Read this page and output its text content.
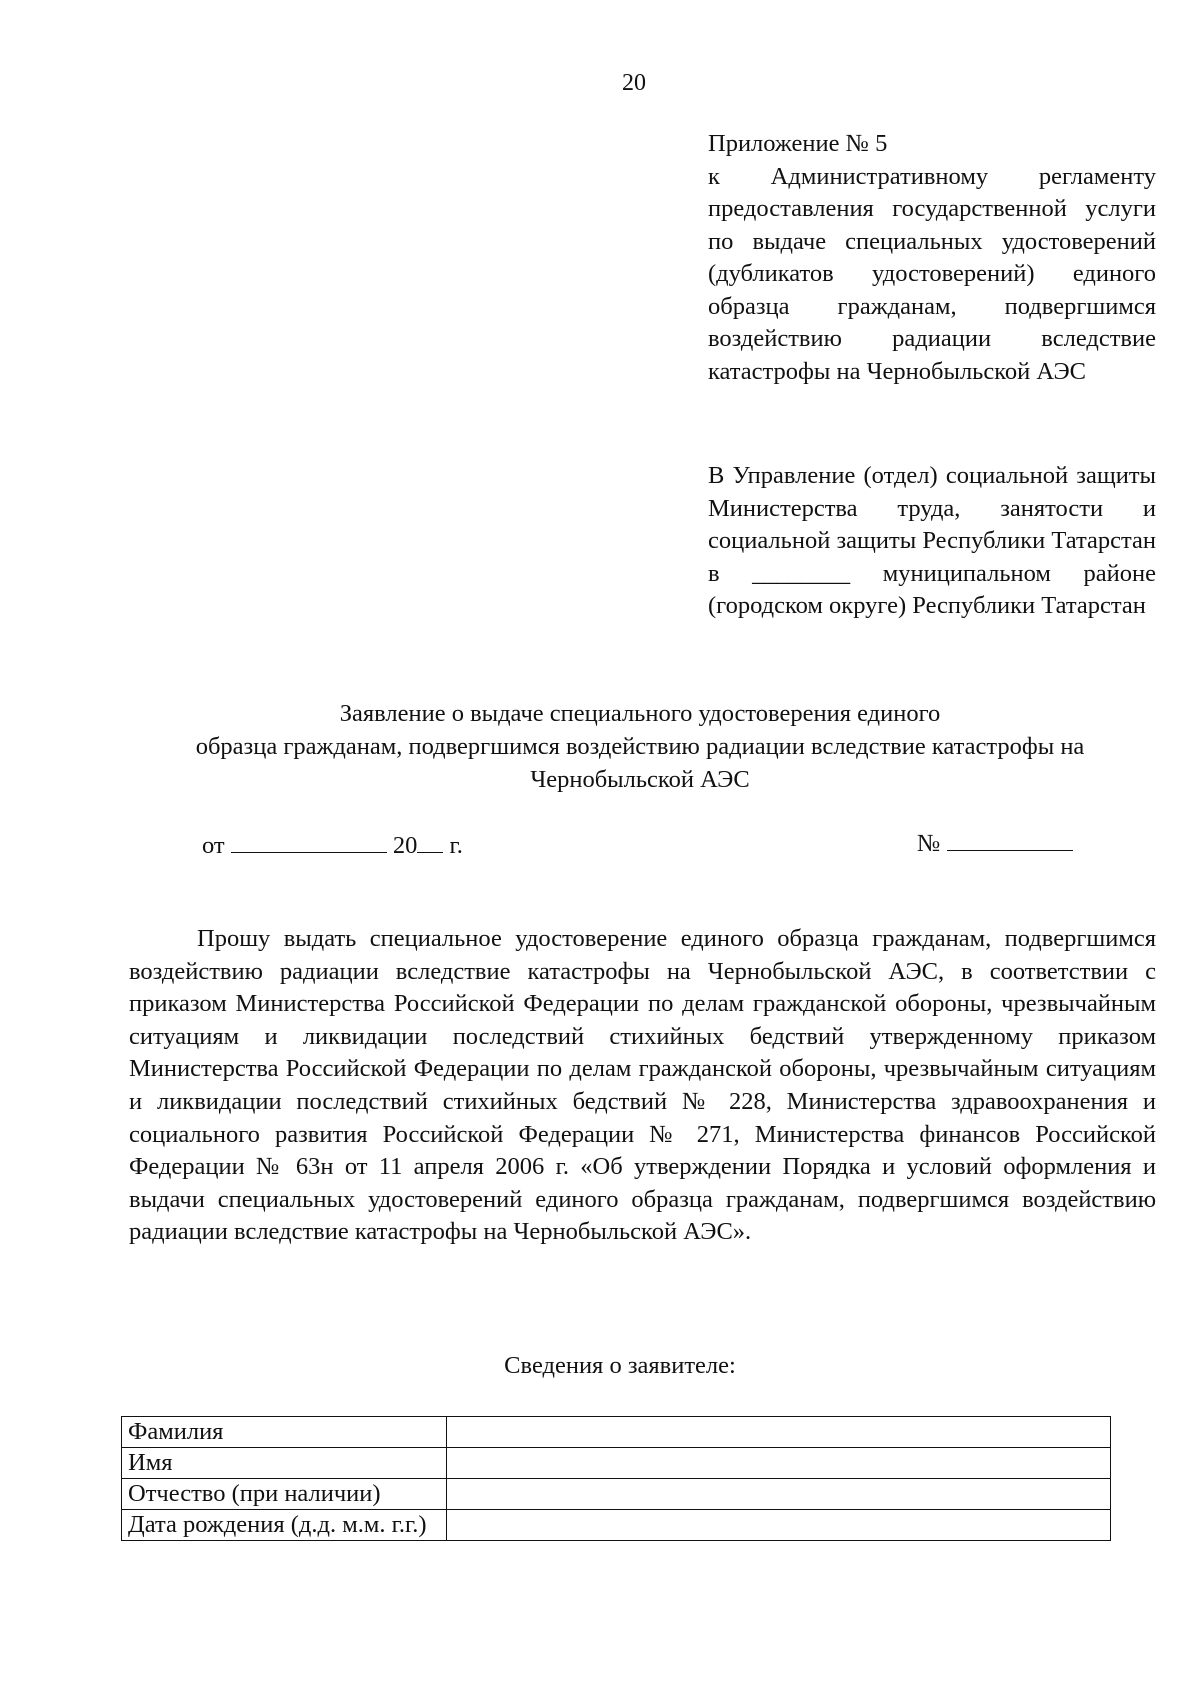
20

Приложение № 5

к Административному регламенту предоставления государственной услуги по выдаче специальных удостоверений (дубликатов удостоверений) единого образца гражданам, подвергшимся воздействию радиации вследствие катастрофы на Чернобыльской АЭС

В Управление (отдел) социальной защиты Министерства труда, занятости и социальной защиты Республики Татарстан в ________ муниципальном районе (городском округе) Республики Татарстан

Заявление о выдаче специального удостоверения единого
образца гражданам, подвергшимся воздействию радиации вследствие катастрофы на
Чернобыльской АЭС
от	20 г.	№

Прошу выдать специальное удостоверение единого образца гражданам, подвергшимся воздействию радиации вследствие катастрофы на Чернобыльской АЭС, в соответствии с приказом Министерства Российской Федерации по делам гражданской обороны, чрезвычайным ситуациям и ликвидации последствий стихийных бедствий утвержденному приказом Министерства Российской Федерации по делам гражданской обороны, чрезвычайным ситуациям и ликвидации последствий стихийных бедствий № 228, Министерства здравоохранения и социального развития Российской Федерации № 271, Министерства финансов Российской Федерации № 63н от 11 апреля 2006 г. «Об утверждении Порядка и условий оформления и выдачи специальных удостоверений единого образца гражданам, подвергшимся воздействию радиации вследствие катастрофы на Чернобыльской АЭС».

Сведения о заявителе:
Фамилия	
Имя	
Отчество (при наличии)	
Дата рождения (д.д. м.м. г.г.)	
